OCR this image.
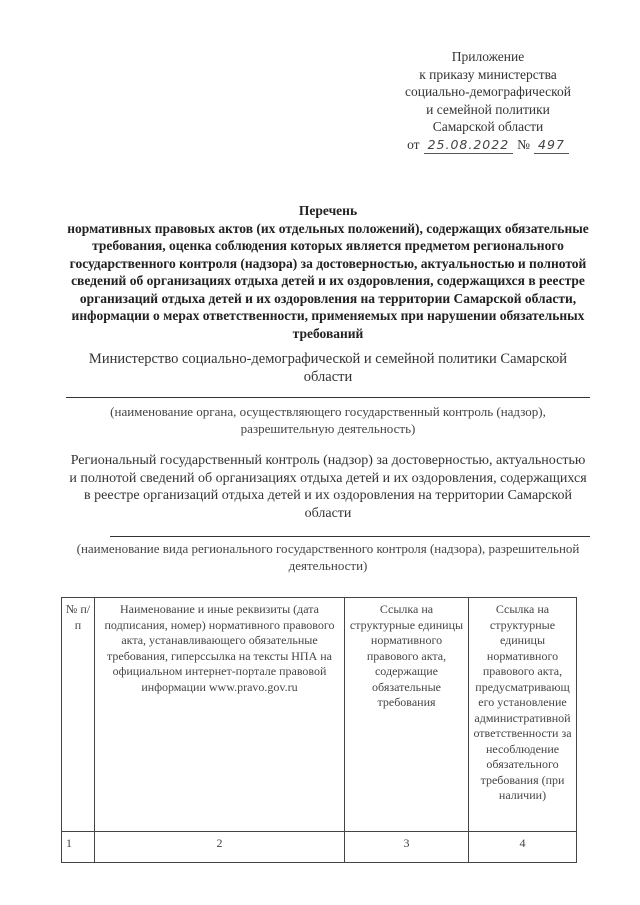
Приложение
к приказу министерства
социально-демографической
и семейной политики
Самарской области
от 25.08.2022 № 497
Перечень
нормативных правовых актов (их отдельных положений), содержащих обязательные требования, оценка соблюдения которых является предметом регионального государственного контроля (надзора) за достоверностью, актуальностью и полнотой сведений об организациях отдыха детей и их оздоровления, содержащихся в реестре организаций отдыха детей и их оздоровления на территории Самарской области, информации о мерах ответственности, применяемых при нарушении обязательных требований
Министерство социально-демографической и семейной политики Самарской области
(наименование органа, осуществляющего государственный контроль (надзор), разрешительную деятельность)
Региональный государственный контроль (надзор) за достоверностью, актуальностью и полнотой сведений об организациях отдыха детей и их оздоровления, содержащихся в реестре организаций отдыха детей и их оздоровления на территории Самарской области
(наименование вида регионального государственного контроля (надзора), разрешительной деятельности)
№ п/п	Наименование и иные реквизиты (дата подписания, номер) нормативного правового акта, устанавливающего обязательные требования, гиперссылка на тексты НПА на официальном интернет-портале правовой информации www.pravo.gov.ru	Ссылка на структурные единицы нормативного правового акта, содержащие обязательные требования	Ссылка на структурные единицы нормативного правового акта, предусматривающ его установление административной ответственности за несоблюдение обязательного требования (при наличии)
1	2	3	4
